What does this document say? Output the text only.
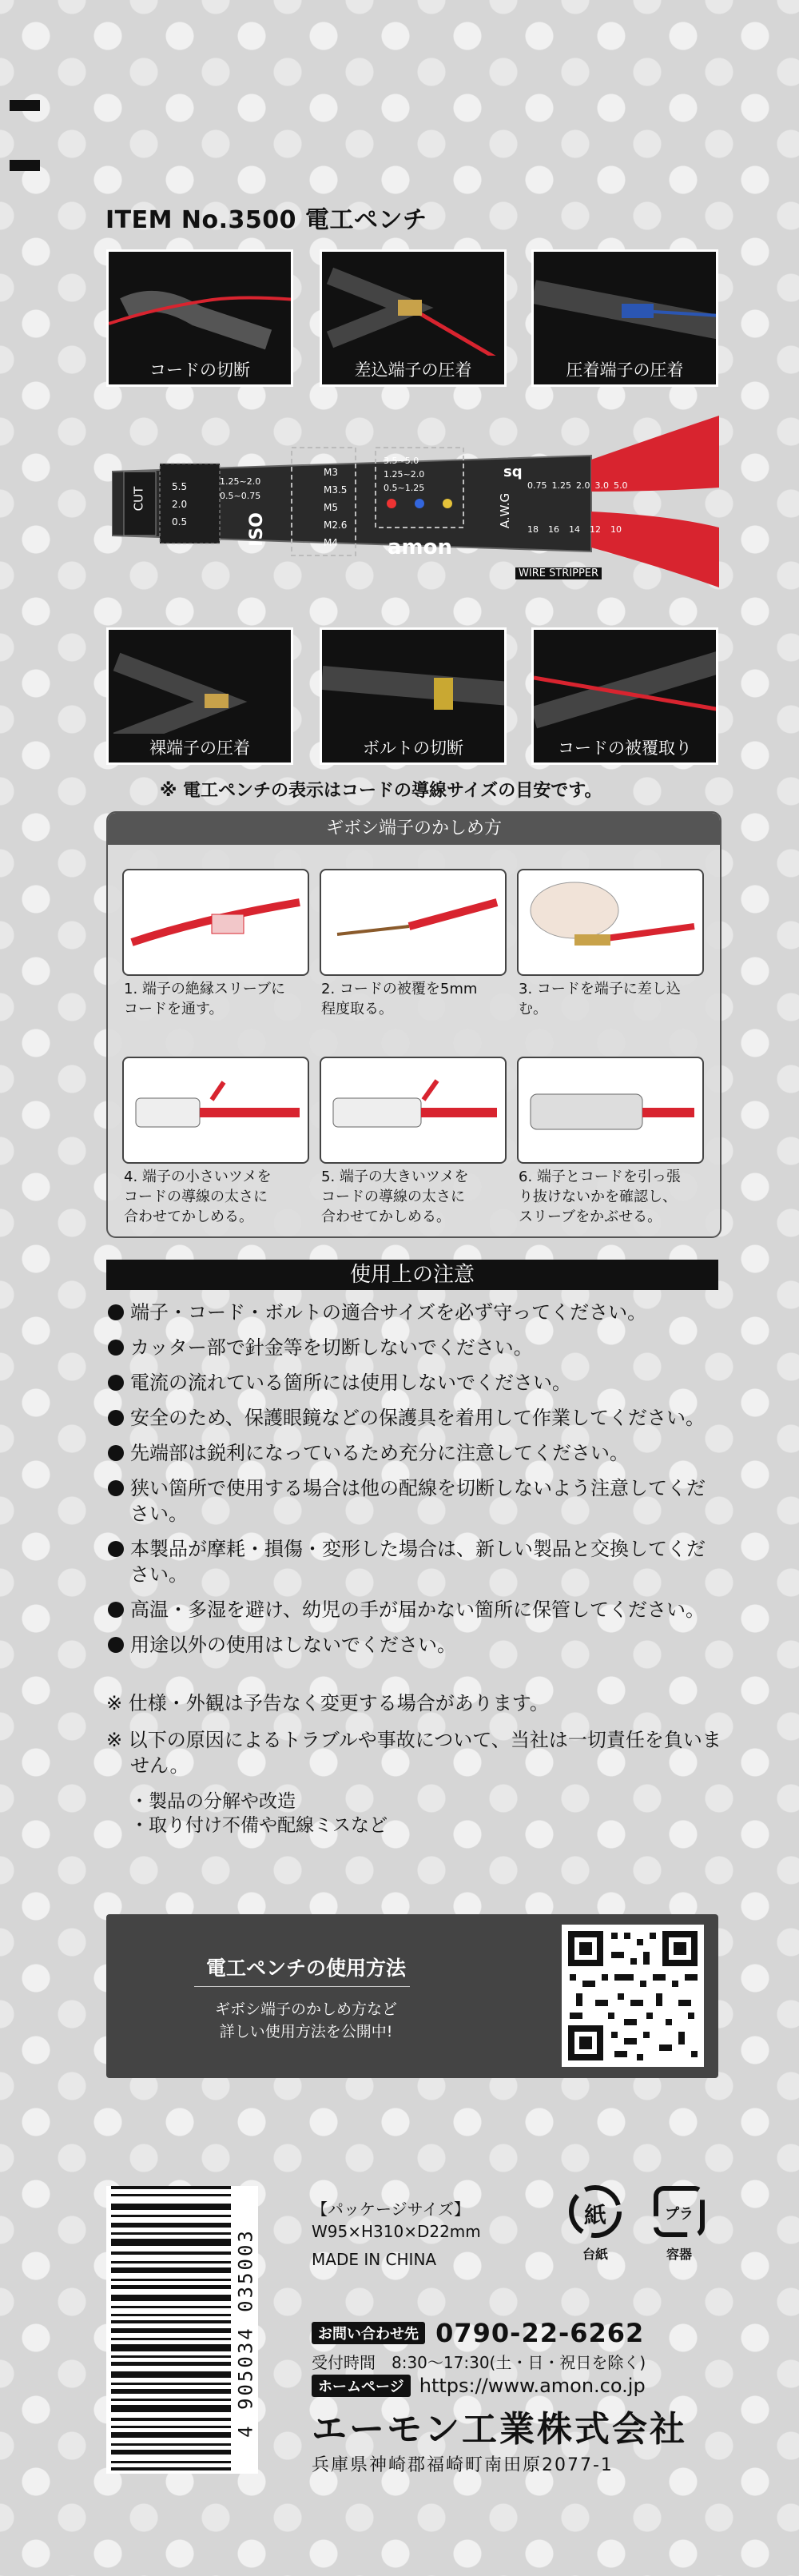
ITEM No.3500 電工ペンチ
コードの切断	差込端子の圧着	圧着端子の圧着
CUT
ISO
amon
A.W.G
WIRE STRIPPER
sq
5.5
2.0
0.5
M3
M3.5
M5
M2.6
M4
3.5~5.0
1.25~2.0
0.5~1.25
1.25~2.0
0.5~0.75
0.75 1.25 2.0 3.0 5.0
18 16 14 12 10
裸端子の圧着	ボルトの切断	コードの被覆取り
※ 電工ペンチの表示はコードの導線サイズの目安です。
ギボシ端子のかしめ方
1. 端子の絶縁スリーブに
コードを通す。
2. コードの被覆を5mm
程度取る。
3. コードを端子に差し込
む。
4. 端子の小さいツメを
コードの導線の太さに
合わせてかしめる。
5. 端子の大きいツメを
コードの導線の太さに
合わせてかしめる。
6. 端子とコードを引っ張
り抜けないかを確認し、
スリーブをかぶせる。
使用上の注意
端子・コード・ボルトの適合サイズを必ず守ってください。
カッター部で針金等を切断しないでください。
電流の流れている箇所には使用しないでください。
安全のため、保護眼鏡などの保護具を着用して作業してください。
先端部は鋭利になっているため充分に注意してください。
狭い箇所で使用する場合は他の配線を切断しないよう注意してください。
本製品が摩耗・損傷・変形した場合は、新しい製品と交換してください。
高温・多湿を避け、幼児の手が届かない箇所に保管してください。
用途以外の使用はしないでください。

※ 仕様・外観は予告なく変更する場合があります。

※ 以下の原因によるトラブルや事故について、当社は一切責任を負いません。

・製品の分解や改造
・取り付け不備や配線ミスなど
電工ペンチの使用方法
ギボシ端子のかしめ方など
詳しい使用方法を公開中!
4 905034 035003
【パッケージサイズ】
W95×H310×D22mm
MADE IN CHINA
紙
台紙
プラ
容器
お問い合わせ先 0790-22-6262
受付時間　8:30～17:30(土・日・祝日を除く)
ホームページ https://www.amon.co.jp
エーモン工業株式会社
兵庫県神崎郡福崎町南田原2077-1
